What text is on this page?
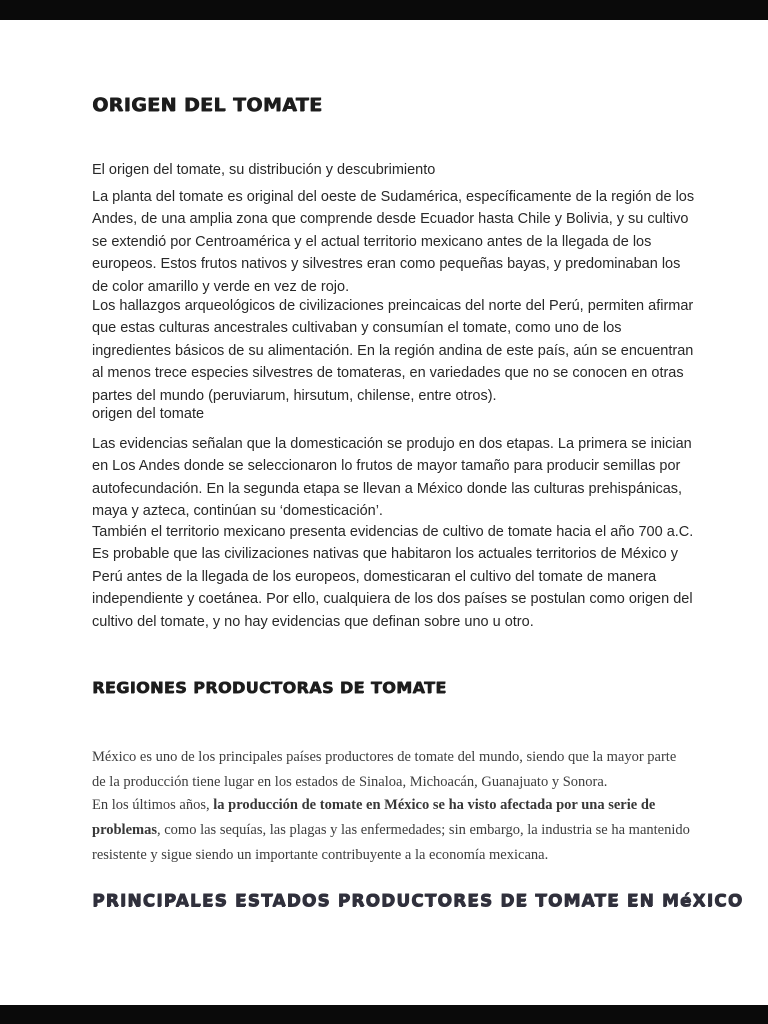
ORIGEN DEL TOMATE
El origen del tomate, su distribución y descubrimiento
La planta del tomate es original del oeste de Sudamérica, específicamente de la región de los Andes, de una amplia zona que comprende desde Ecuador hasta Chile y Bolivia, y su cultivo se extendió por Centroamérica y el actual territorio mexicano antes de la llegada de los europeos. Estos frutos nativos y silvestres eran como pequeñas bayas, y predominaban los de color amarillo y verde en vez de rojo.
Los hallazgos arqueológicos de civilizaciones preincaicas del norte del Perú, permiten afirmar que estas culturas ancestrales cultivaban y consumían el tomate, como uno de los ingredientes básicos de su alimentación. En la región andina de este país, aún se encuentran al menos trece especies silvestres de tomateras, en variedades que no se conocen en otras partes del mundo (peruviarum, hirsutum, chilense, entre otros).
origen del tomate
Las evidencias señalan que la domesticación se produjo en dos etapas. La primera se inician en Los Andes donde se seleccionaron lo frutos de mayor tamaño para producir semillas por autofecundación. En la segunda etapa se llevan a México donde las culturas prehispánicas, maya y azteca, continúan su ‘domesticación’.
También el territorio mexicano presenta evidencias de cultivo de tomate hacia el año 700 a.C. Es probable que las civilizaciones nativas que habitaron los actuales territorios de México y Perú antes de la llegada de los europeos, domesticaran el cultivo del tomate de manera independiente y coetánea. Por ello, cualquiera de los dos países se postulan como origen del cultivo del tomate, y no hay evidencias que definan sobre uno u otro.
REGIONES PRODUCTORAS DE TOMATE
México es uno de los principales países productores de tomate del mundo, siendo que la mayor parte de la producción tiene lugar en los estados de Sinaloa, Michoacán, Guanajuato y Sonora.
En los últimos años, la producción de tomate en México se ha visto afectada por una serie de problemas, como las sequías, las plagas y las enfermedades; sin embargo, la industria se ha mantenido resistente y sigue siendo un importante contribuyente a la economía mexicana.
PRINCIPALES ESTADOS PRODUCTORES DE TOMATE EN MéXICO
